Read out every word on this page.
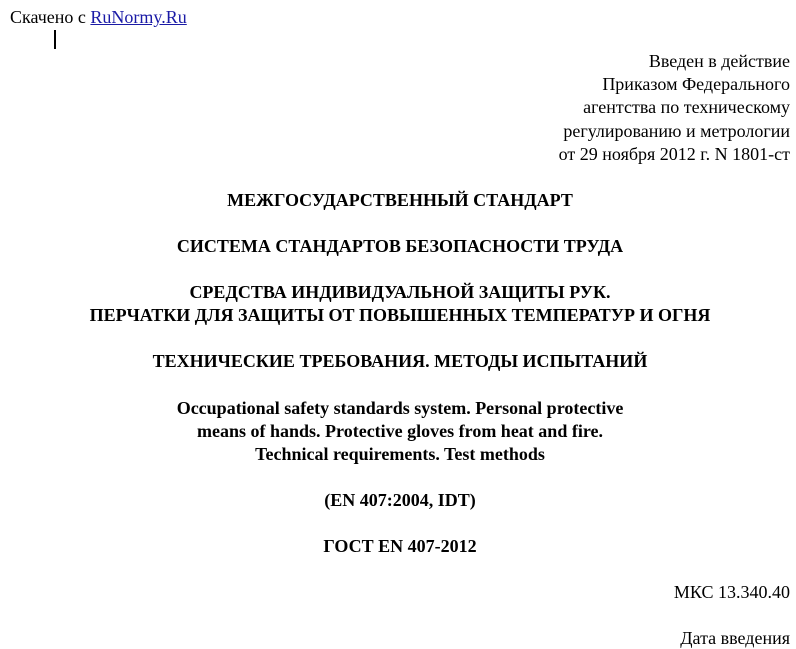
Скачено с RuNormy.Ru
Введен в действие
Приказом Федерального
агентства по техническому
регулированию и метрологии
от 29 ноября 2012 г. N 1801-ст
МЕЖГОСУДАРСТВЕННЫЙ СТАНДАРТ
СИСТЕМА СТАНДАРТОВ БЕЗОПАСНОСТИ ТРУДА
СРЕДСТВА ИНДИВИДУАЛЬНОЙ ЗАЩИТЫ РУК.
ПЕРЧАТКИ ДЛЯ ЗАЩИТЫ ОТ ПОВЫШЕННЫХ ТЕМПЕРАТУР И ОГНЯ
ТЕХНИЧЕСКИЕ ТРЕБОВАНИЯ. МЕТОДЫ ИСПЫТАНИЙ
Occupational safety standards system. Personal protective
means of hands. Protective gloves from heat and fire.
Technical requirements. Test methods
(EN 407:2004, IDT)
ГОСТ EN 407-2012
МКС 13.340.40
Дата введения
